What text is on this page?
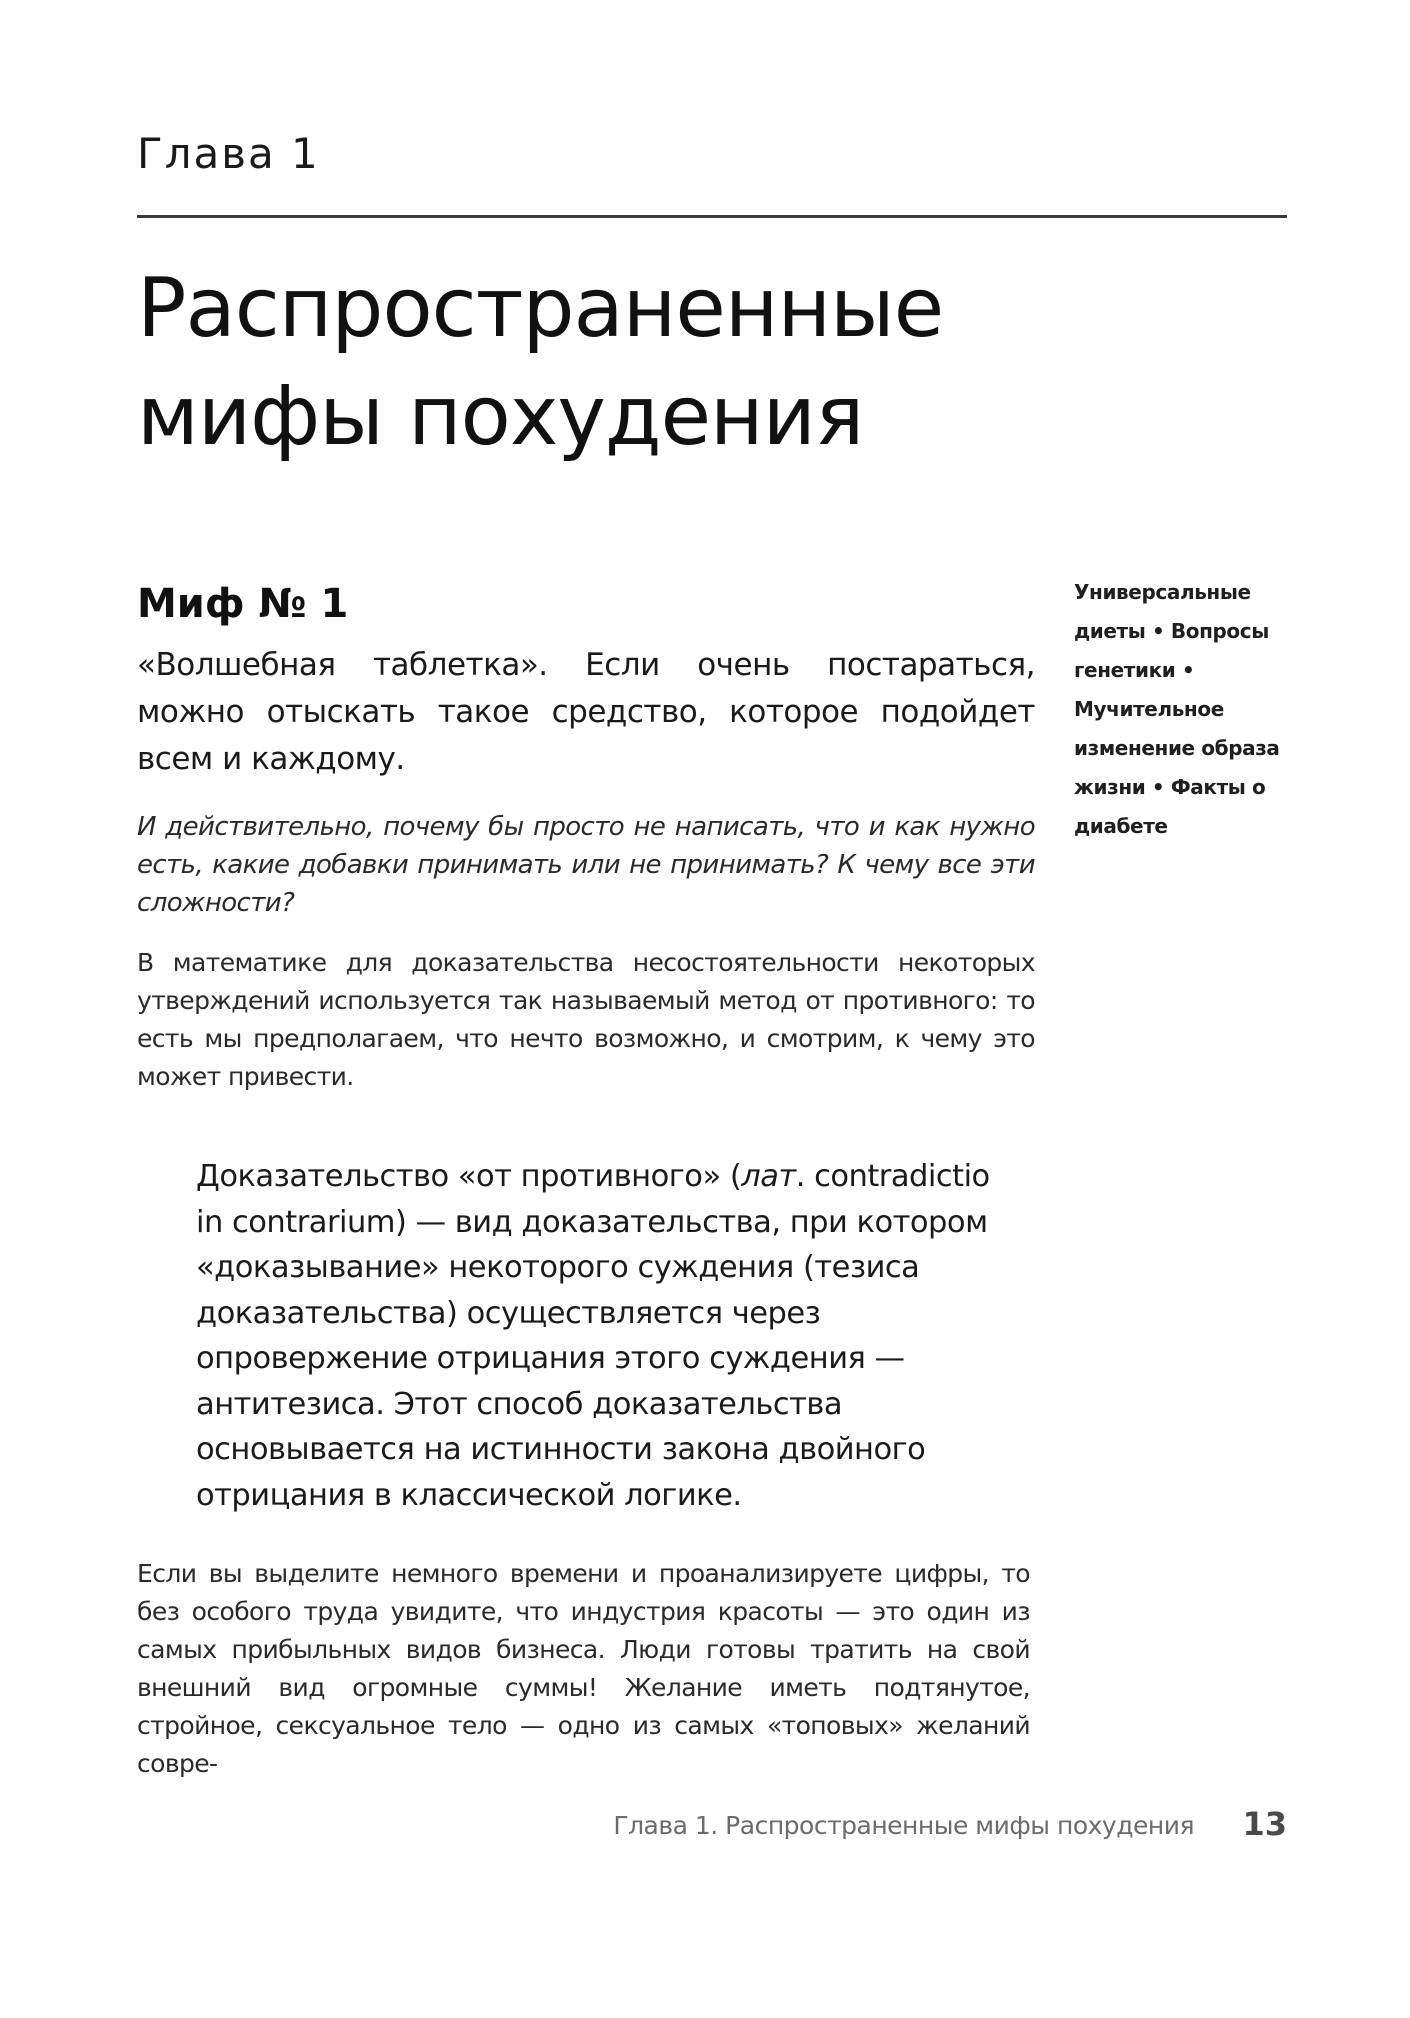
Глава 1
Распространенные
мифы похудения
Миф № 1

«Волшебная таблетка». Если очень постараться, можно отыскать такое средство, которое подойдет всем и каждому.

И действительно, почему бы просто не написать, что и как нужно есть, какие добавки принимать или не принимать? К чему все эти сложности?

В математике для доказательства несостоятельности некоторых утверждений используется так называемый метод от противного: то есть мы предполагаем, что нечто возможно, и смотрим, к чему это может привести.

Доказательство «от противного» (лат. contradictio in contrarium) — вид доказательства, при котором «доказывание» некоторого суждения (тезиса доказательства) осуществляется через опровержение отрицания этого суждения — антитезиса. Этот способ доказательства основывается на истинности закона двойного отрицания в классической логике.

Если вы выделите немного времени и проанализируете цифры, то без особого труда увидите, что индустрия красоты — это один из самых прибыльных видов бизнеса. Люди готовы тратить на свой внешний вид огромные суммы! Желание иметь подтянутое, стройное, сексуальное тело — одно из самых «топовых» желаний совре-

Универсальные диеты • Вопросы генетики • Мучительное изменение образа жизни • Факты о диабете
Глава 1. Распространенные мифы похудения 13
